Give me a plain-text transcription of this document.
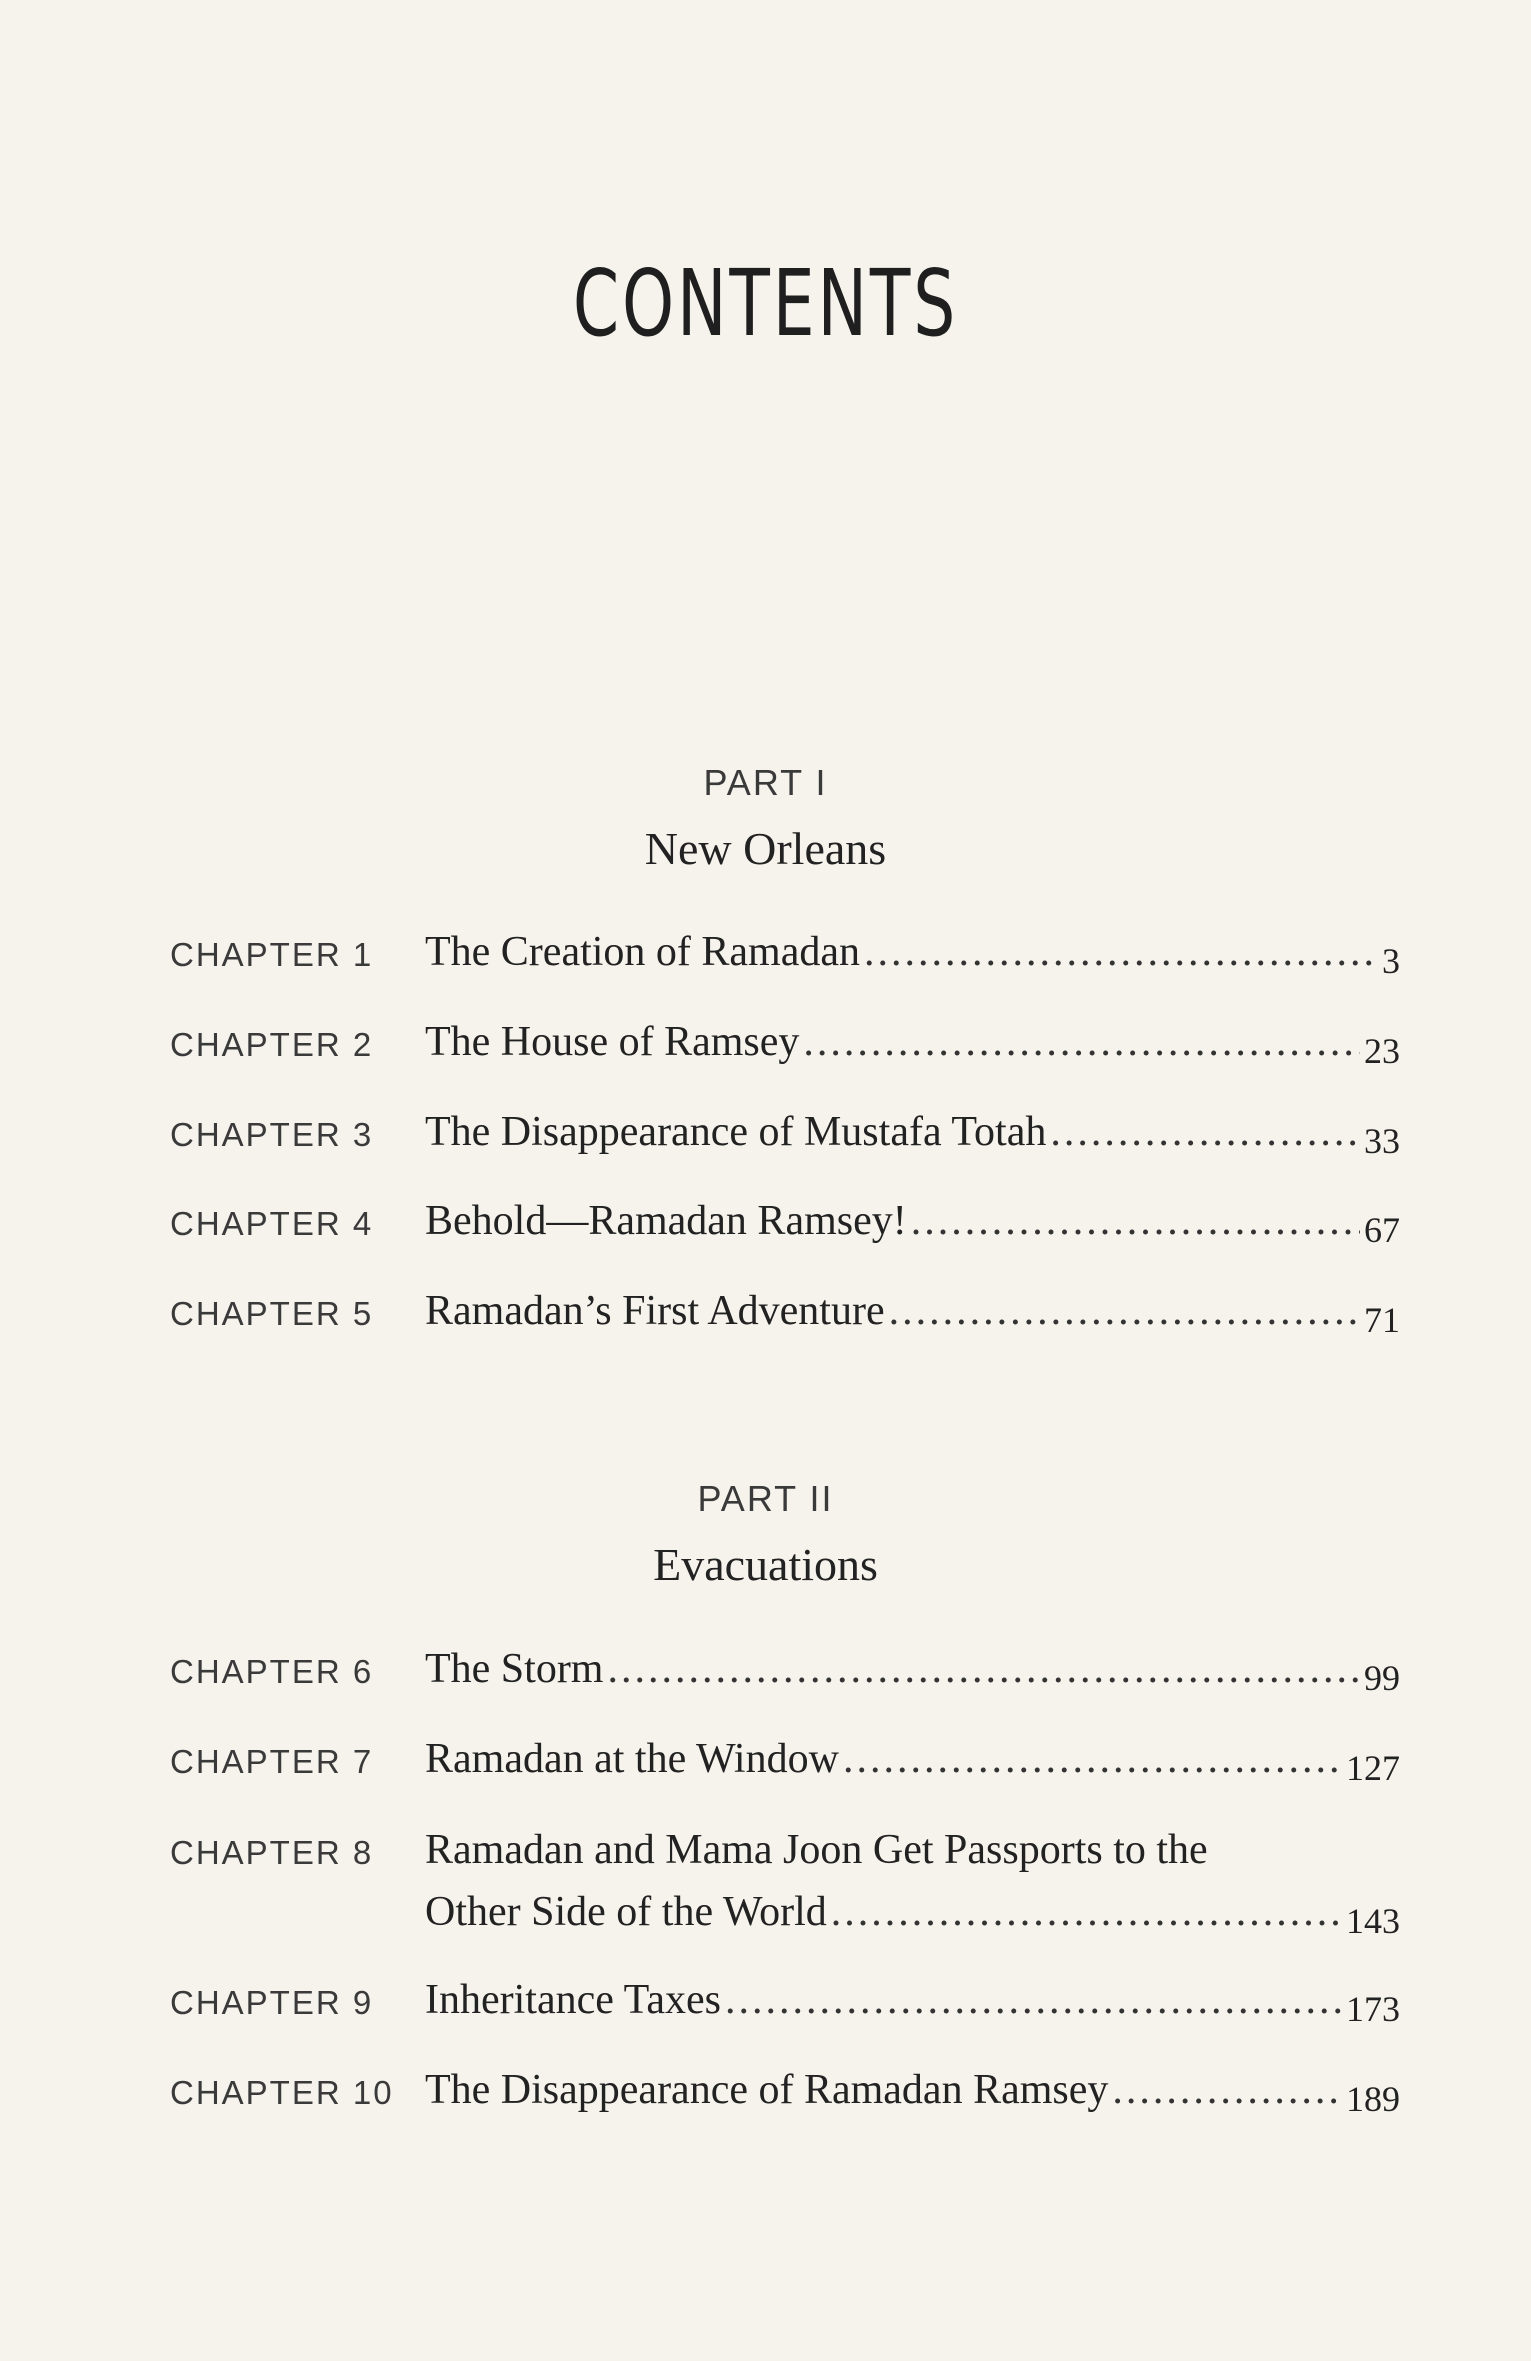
CONTENTS
PART I
New Orleans
CHAPTER 1 The Creation of Ramadan .....	3
CHAPTER 2 The House of Ramsey .....	23
CHAPTER 3 The Disappearance of Mustafa Totah .....	33
CHAPTER 4 Behold—Ramadan Ramsey! .....	67
CHAPTER 5 Ramadan’s First Adventure .....	71
PART II
Evacuations
CHAPTER 6 The Storm .....	99
CHAPTER 7 Ramadan at the Window .....	127
CHAPTER 8 Ramadan and Mama Joon Get Passports to the
Other Side of the World .....	143
CHAPTER 9 Inheritance Taxes .....	173
CHAPTER 10 The Disappearance of Ramadan Ramsey .....	189
